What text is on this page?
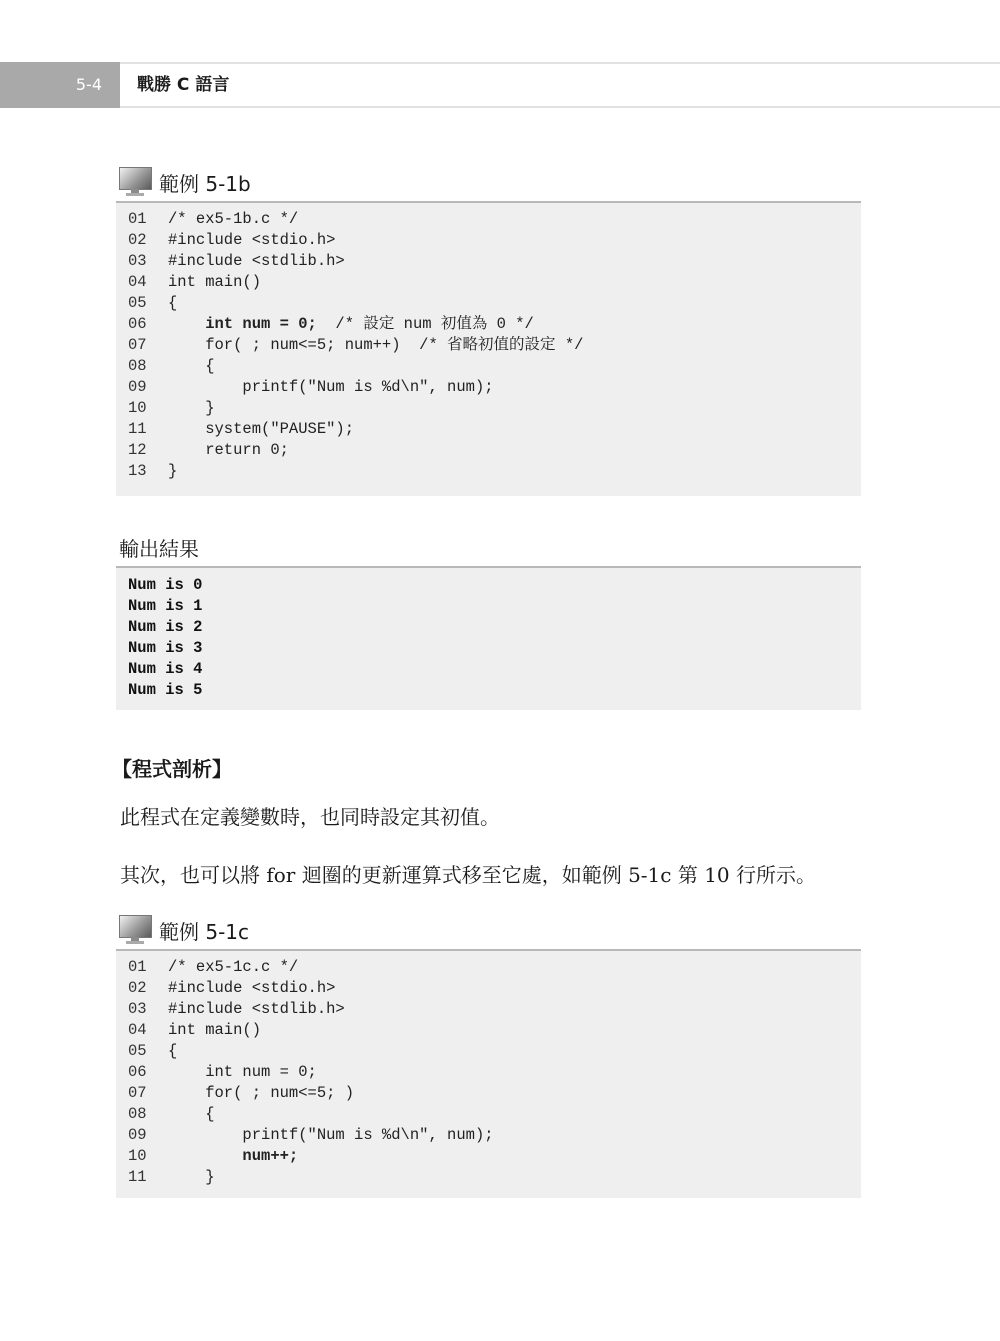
5-4	戰勝 C 語言
範例 5-1b
01	/* ex5-1b.c */
02	#include <stdio.h>
03	#include <stdlib.h>
04	int main()
05	{
06	int num = 0;  /* 設定 num 初值為 0 */
07	for( ; num<=5; num++)  /* 省略初值的設定 */
08	{
09	printf("Num is %d\n", num);
10	}
11	system("PAUSE");
12	return 0;
13	}
輸出結果
Num is 0
Num is 1
Num is 2
Num is 3
Num is 4
Num is 5
【程式剖析】
此程式在定義變數時，也同時設定其初值。
其次，也可以將 for 迴圈的更新運算式移至它處，如範例 5-1c 第 10 行所示。
範例 5-1c
01	/* ex5-1c.c */
02	#include <stdio.h>
03	#include <stdlib.h>
04	int main()
05	{
06	int num = 0;
07	for( ; num<=5; )
08	{
09	printf("Num is %d\n", num);
10	num++;
11	}
